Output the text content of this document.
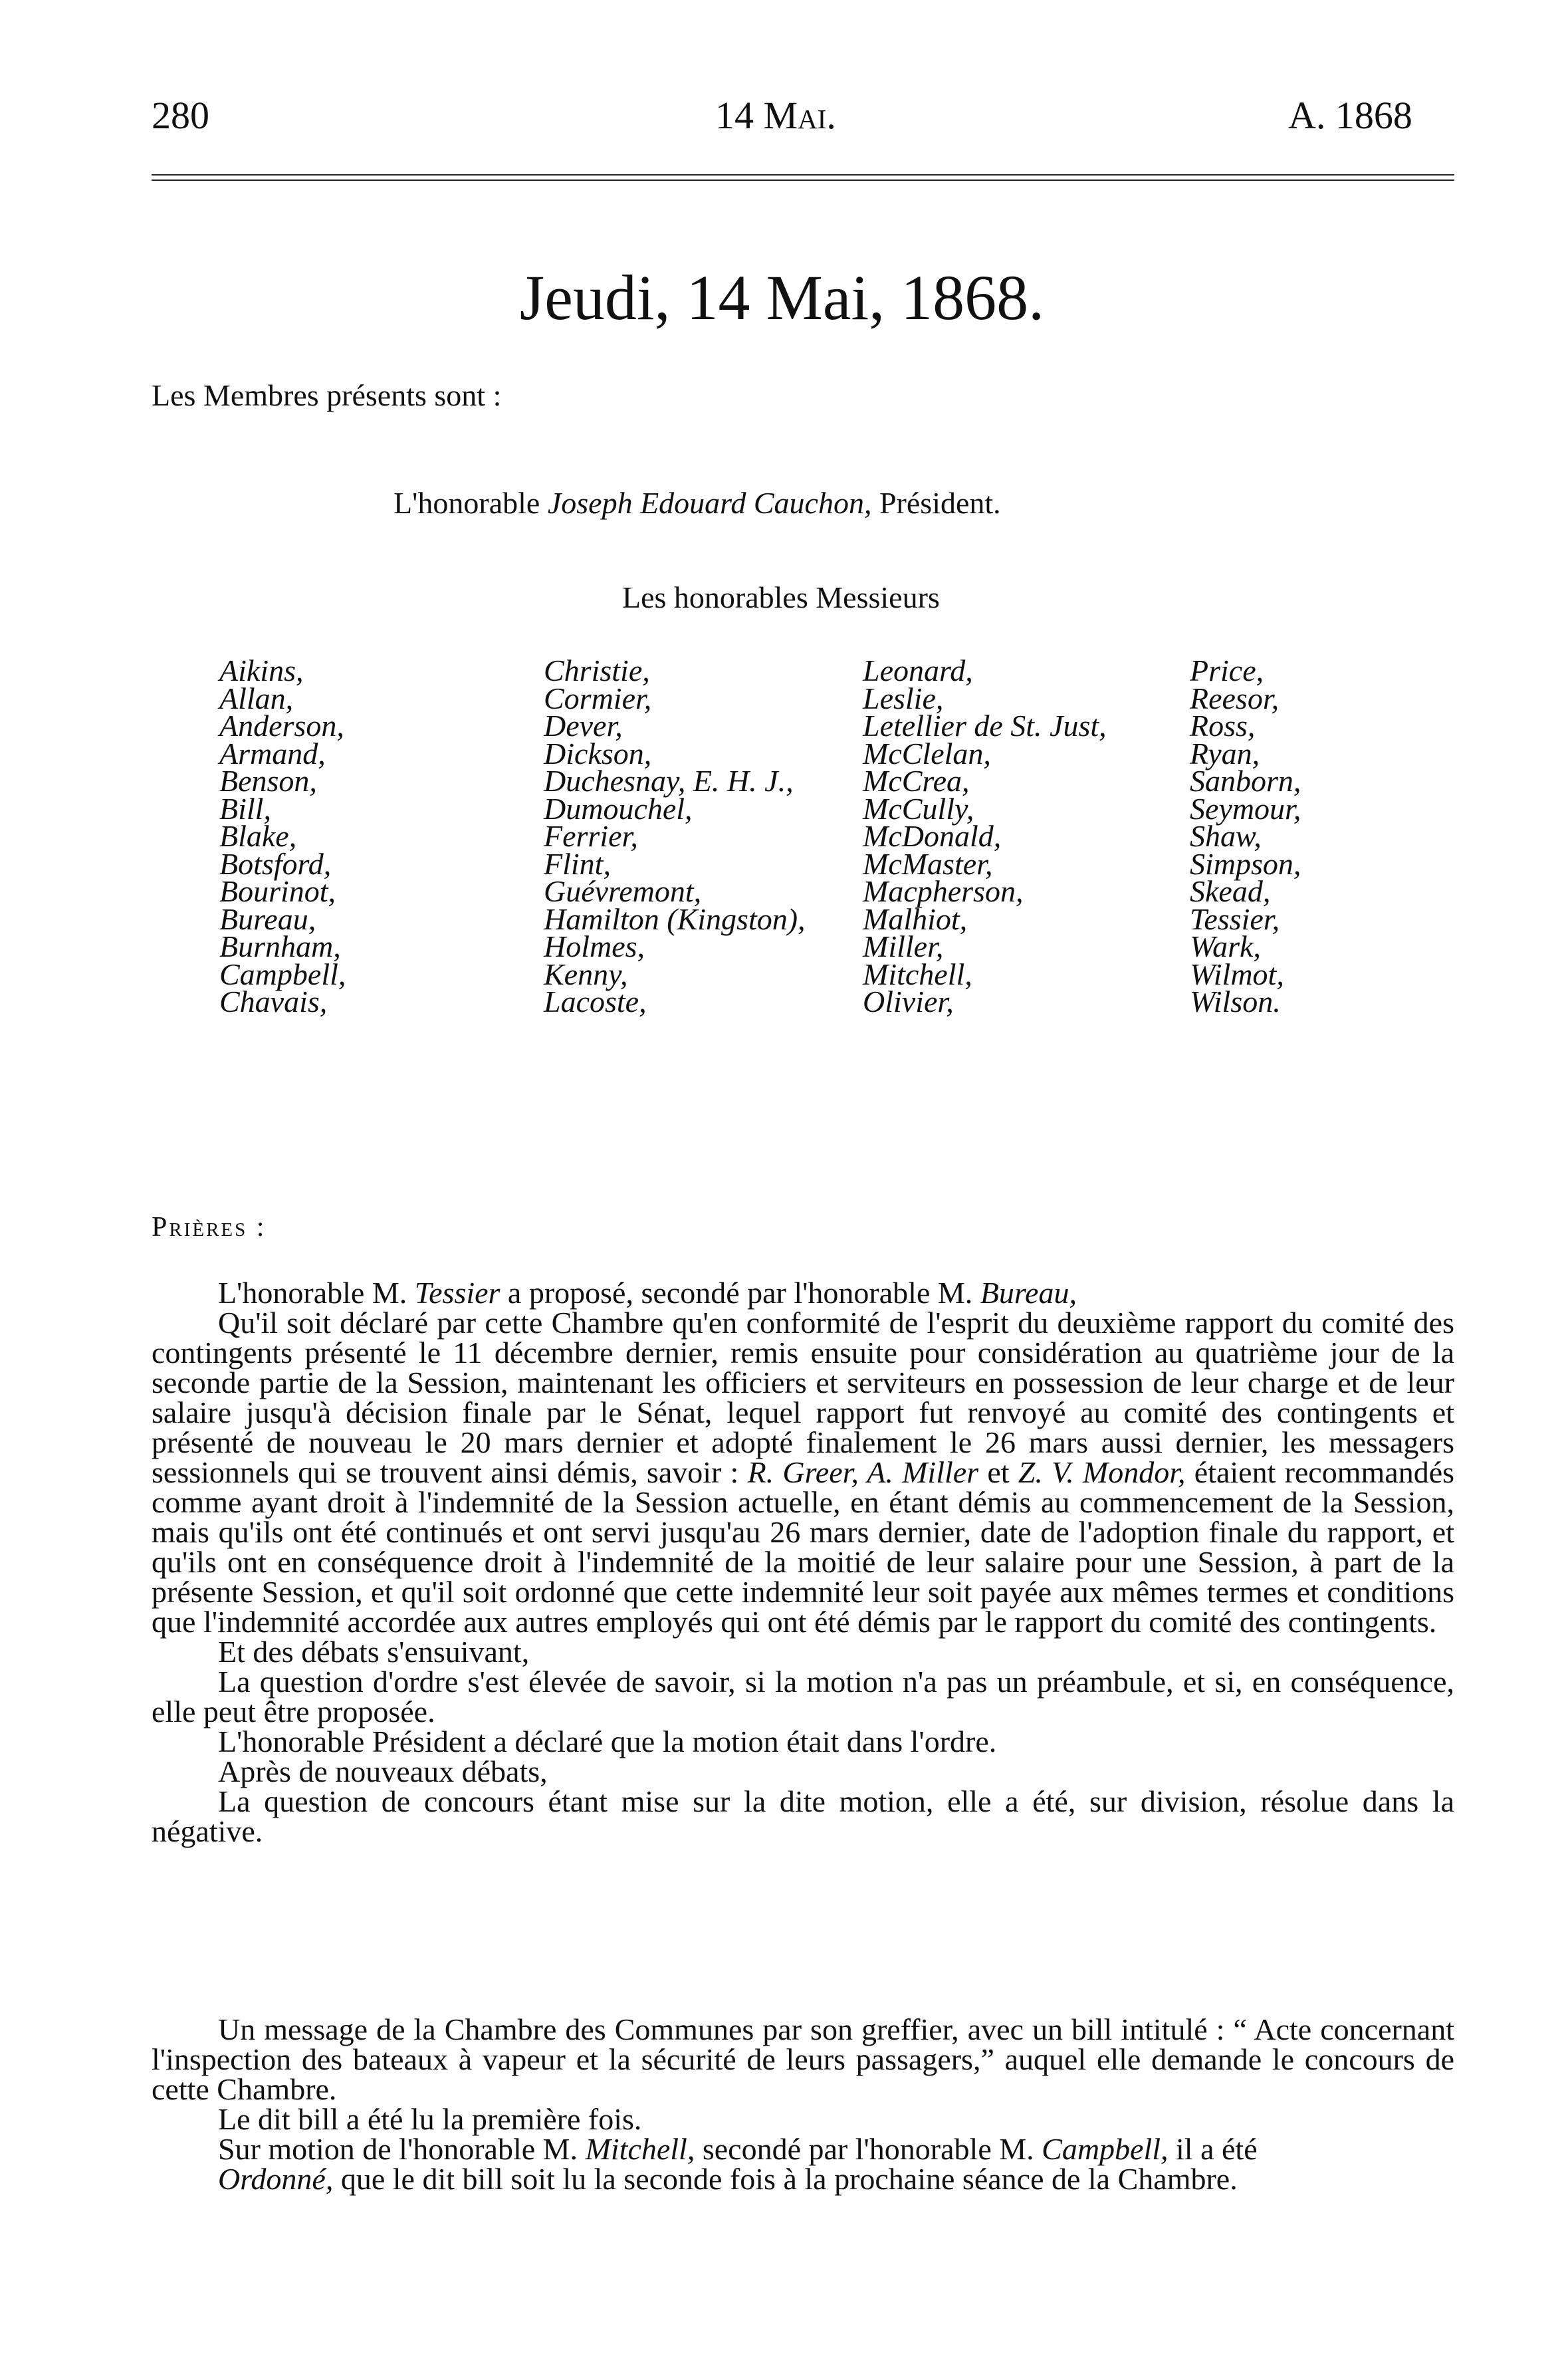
280	14 Mai.	A. 1868
Jeudi, 14 Mai, 1868.
Les Membres présents sont :
L'honorable Joseph Edouard Cauchon, Président.
Les honorables Messieurs
Aikins,
Allan,
Anderson,
Armand,
Benson,
Bill,
Blake,
Botsford,
Bourinot,
Bureau,
Burnham,
Campbell,
Chavais,
Christie,
Cormier,
Dever,
Dickson,
Duchesnay, E. H. J.,
Dumouchel,
Ferrier,
Flint,
Guévremont,
Hamilton (Kingston),
Holmes,
Kenny,
Lacoste,
Leonard,
Leslie,
Letellier de St. Just,
McClelan,
McCrea,
McCully,
McDonald,
McMaster,
Macpherson,
Malhiot,
Miller,
Mitchell,
Olivier,
Price,
Reesor,
Ross,
Ryan,
Sanborn,
Seymour,
Shaw,
Simpson,
Skead,
Tessier,
Wark,
Wilmot,
Wilson.
Prières :

L'honorable M. Tessier a proposé, secondé par l'honorable M. Bureau,

Qu'il soit déclaré par cette Chambre qu'en conformité de l'esprit du deuxième rapport du comité des contingents présenté le 11 décembre dernier, remis ensuite pour considération au quatrième jour de la seconde partie de la Session, maintenant les officiers et serviteurs en possession de leur charge et de leur salaire jusqu'à décision finale par le Sénat, lequel rapport fut renvoyé au comité des contingents et présenté de nouveau le 20 mars dernier et adopté finalement le 26 mars aussi dernier, les messagers sessionnels qui se trouvent ainsi démis, savoir : R. Greer, A. Miller et Z. V. Mondor, étaient recommandés comme ayant droit à l'indemnité de la Session actuelle, en étant démis au commencement de la Session, mais qu'ils ont été continués et ont servi jusqu'au 26 mars dernier, date de l'adoption finale du rapport, et qu'ils ont en conséquence droit à l'indemnité de la moitié de leur salaire pour une Session, à part de la présente Session, et qu'il soit ordonné que cette indemnité leur soit payée aux mêmes termes et conditions que l'indemnité accordée aux autres employés qui ont été démis par le rapport du comité des contingents.

Et des débats s'ensuivant,

La question d'ordre s'est élevée de savoir, si la motion n'a pas un préambule, et si, en conséquence, elle peut être proposée.

L'honorable Président a déclaré que la motion était dans l'ordre.

Après de nouveaux débats,

La question de concours étant mise sur la dite motion, elle a été, sur division, résolue dans la négative.

Un message de la Chambre des Communes par son greffier, avec un bill intitulé : “ Acte concernant l'inspection des bateaux à vapeur et la sécurité de leurs passagers,” auquel elle demande le concours de cette Chambre.

Le dit bill a été lu la première fois.

Sur motion de l'honorable M. Mitchell, secondé par l'honorable M. Campbell, il a été

Ordonné, que le dit bill soit lu la seconde fois à la prochaine séance de la Chambre.
